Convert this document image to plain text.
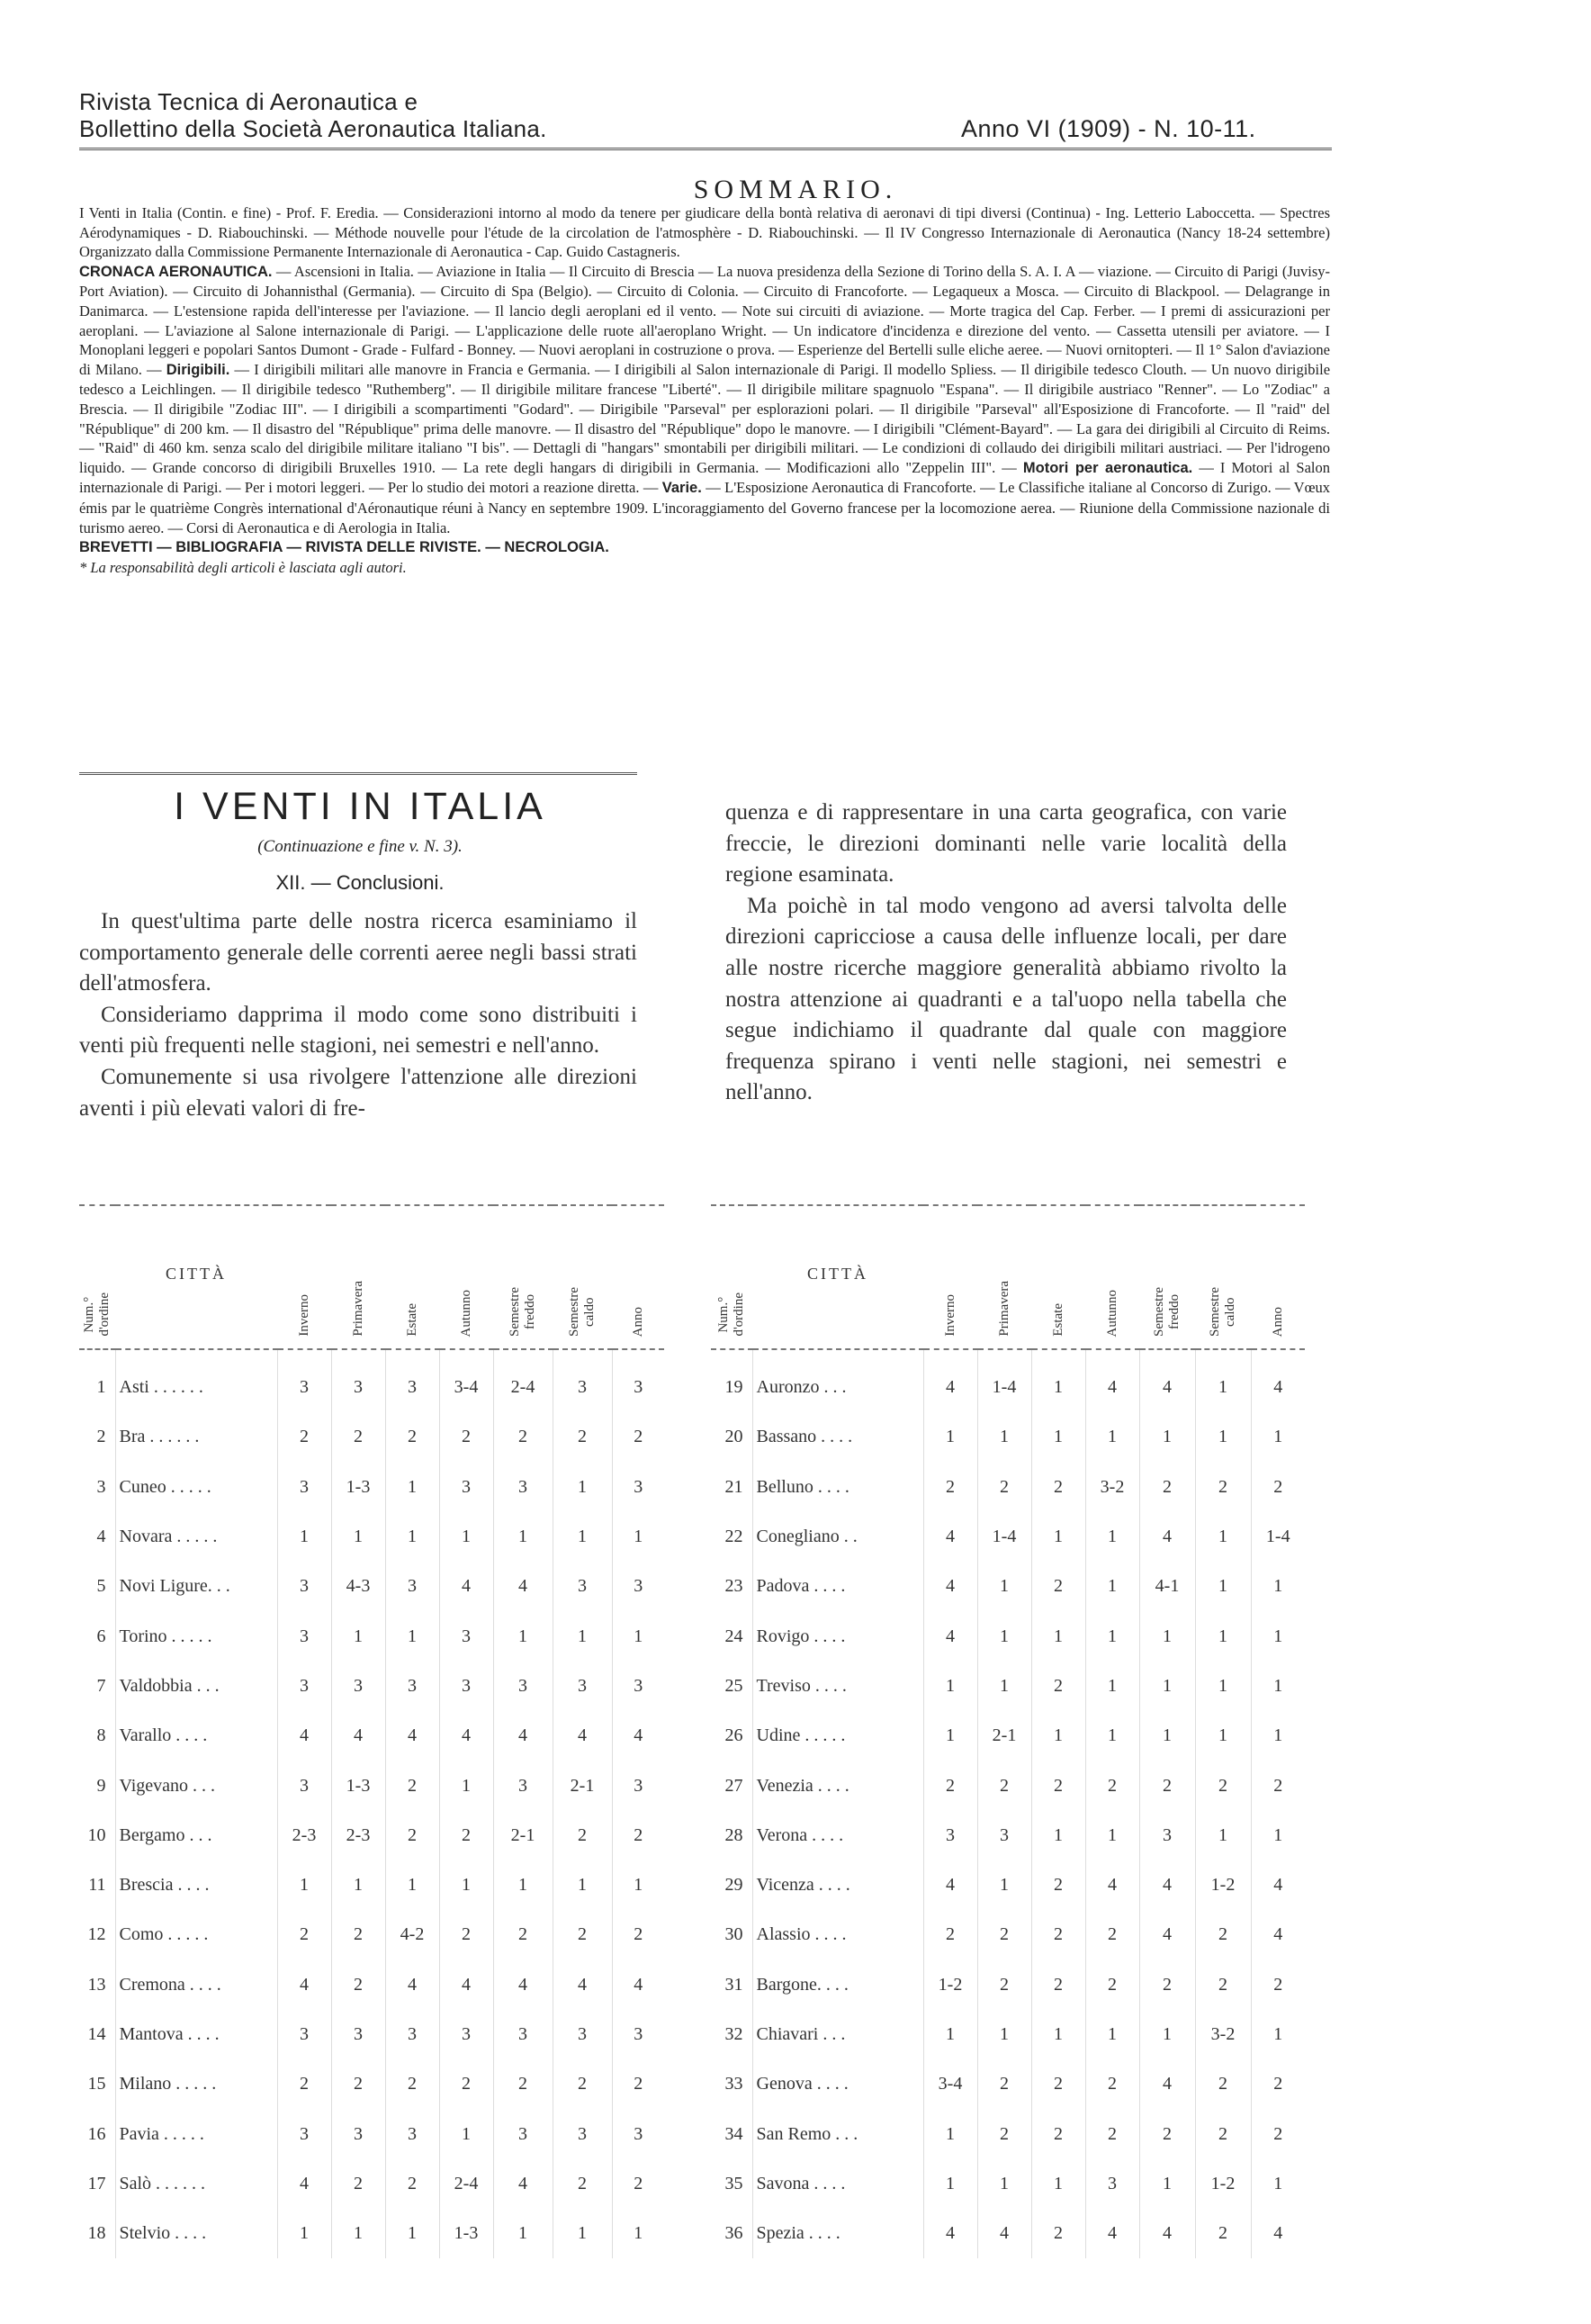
Rivista Tecnica di Aeronautica e
Bollettino della Società Aeronautica Italiana.	Anno VI (1909) - N. 10-11.
SOMMARIO.
I Venti in Italia (Contin. e fine) - Prof. F. Eredia. — Considerazioni intorno al modo da tenere per giudicare della bontà relativa di aeronavi di tipi diversi (Continua) - Ing. Letterio Laboccetta. — Spectres Aérodynamiques - D. Riabouchinski. — Méthode nouvelle pour l'étude de la circolation de l'atmosphère - D. Riabouchinski. — Il IV Congresso Internazionale di Aeronautica (Nancy 18-24 settembre) Organizzato dalla Commissione Permanente Internazionale di Aeronautica - Cap. Guido Castagneris.
CRONACA AERONAUTICA. — Ascensioni in Italia. — Aviazione in Italia — Il Circuito di Brescia — La nuova presidenza della Sezione di Torino della S. A. I. A — viazione. — Circuito di Parigi (Juvisy-Port Aviation). — Circuito di Johannisthal (Germania). — Circuito di Spa (Belgio). — Circuito di Colonia. — Circuito di Francoforte. — Legaqueux a Mosca. — Circuito di Blackpool. — Delagrange in Danimarca. — L'estensione rapida dell'interesse per l'aviazione. — Il lancio degli aeroplani ed il vento. — Note sui circuiti di aviazione. — Morte tragica del Cap. Ferber. — I premi di assicurazioni per aeroplani. — L'aviazione al Salone internazionale di Parigi. — L'applicazione delle ruote all'aeroplano Wright. — Un indicatore d'incidenza e direzione del vento. — Cassetta utensili per aviatore. — I Monoplani leggeri e popolari Santos Dumont - Grade - Fulfard - Bonney. — Nuovi aeroplani in costruzione o prova. — Esperienze del Bertelli sulle eliche aeree. — Nuovi ornitopteri. — Il 1° Salon d'aviazione di Milano. — Dirigibili. — I dirigibili militari alle manovre in Francia e Germania. — I dirigibili al Salon internazionale di Parigi. Il modello Spliess. — Il dirigibile tedesco Clouth. — Un nuovo dirigibile tedesco a Leichlingen. — Il dirigibile tedesco "Ruthemberg". — Il dirigibile militare francese "Liberté". — Il dirigibile militare spagnuolo "Espana". — Il dirigibile austriaco "Renner". — Lo "Zodiac" a Brescia. — Il dirigibile "Zodiac III". — I dirigibili a scompartimenti "Godard". — Dirigibile "Parseval" per esplorazioni polari. — Il dirigibile "Parseval" all'Esposizione di Francoforte. — Il "raid" del "République" di 200 km. — Il disastro del "République" prima delle manovre. — Il disastro del "République" dopo le manovre. — I dirigibili "Clément-Bayard". — La gara dei dirigibili al Circuito di Reims. — "Raid" di 460 km. senza scalo del dirigibile militare italiano "I bis". — Dettagli di "hangars" smontabili per dirigibili militari. — Le condizioni di collaudo dei dirigibili militari austriaci. — Per l'idrogeno liquido. — Grande concorso di dirigibili Bruxelles 1910. — La rete degli hangars di dirigibili in Germania. — Modificazioni allo "Zeppelin III". — Motori per aeronautica. — I Motori al Salon internazionale di Parigi. — Per i motori leggeri. — Per lo studio dei motori a reazione diretta. — Varie. — L'Esposizione Aeronautica di Francoforte. — Le Classifiche italiane al Concorso di Zurigo. — Vœux émis par le quatrième Congrès international d'Aéronautique réuni à Nancy en septembre 1909. L'incoraggiamento del Governo francese per la locomozione aerea. — Riunione della Commissione nazionale di turismo aereo. — Corsi di Aeronautica e di Aerologia in Italia.
BREVETTI — BIBLIOGRAFIA — RIVISTA DELLE RIVISTE. — NECROLOGIA.
* La responsabilità degli articoli è lasciata agli autori.
I VENTI IN ITALIA
(Continuazione e fine v. N. 3).
XII. — Conclusioni.

In quest'ultima parte delle nostra ricerca esaminiamo il comportamento generale delle correnti aeree negli bassi strati dell'atmosfera.

Consideriamo dapprima il modo come sono distribuiti i venti più frequenti nelle stagioni, nei semestri e nell'anno.

Comunemente si usa rivolgere l'attenzione alle direzioni aventi i più elevati valori di fre-

quenza e di rappresentare in una carta geografica, con varie freccie, le direzioni dominanti nelle varie località della regione esaminata.

Ma poichè in tal modo vengono ad aversi talvolta delle direzioni capricciose a causa delle influenze locali, per dare alle nostre ricerche maggiore generalità abbiamo rivolto la nostra attenzione ai quadranti e a tal'uopo nella tabella che segue indichiamo il quadrante dal quale con maggiore frequenza spirano i venti nelle stagioni, nei semestri e nell'anno.

Num.°
d'ordine	CITTÀ	Inverno	Primavera	Estate	Autunno	Semestre
freddo	Semestre
caldo	Anno
1	Asti . . . . . .	3	3	3	3-4	2-4	3	3
2	Bra . . . . . .	2	2	2	2	2	2	2
3	Cuneo . . . . .	3	1-3	1	3	3	1	3
4	Novara . . . . .	1	1	1	1	1	1	1
5	Novi Ligure. . .	3	4-3	3	4	4	3	3
6	Torino . . . . .	3	1	1	3	1	1	1
7	Valdobbia . . .	3	3	3	3	3	3	3
8	Varallo . . . .	4	4	4	4	4	4	4
9	Vigevano . . .	3	1-3	2	1	3	2-1	3
10	Bergamo . . .	2-3	2-3	2	2	2-1	2	2
11	Brescia . . . .	1	1	1	1	1	1	1
12	Como . . . . .	2	2	4-2	2	2	2	2
13	Cremona . . . .	4	2	4	4	4	4	4
14	Mantova . . . .	3	3	3	3	3	3	3
15	Milano . . . . .	2	2	2	2	2	2	2
16	Pavia . . . . .	3	3	3	1	3	3	3
17	Salò . . . . . .	4	2	2	2-4	4	2	2
18	Stelvio . . . .	1	1	1	1-3	1	1	1
Num.°
d'ordine	CITTÀ	Inverno	Primavera	Estate	Autunno	Semestre
freddo	Semestre
caldo	Anno
19	Auronzo . . .	4	1-4	1	4	4	1	4
20	Bassano . . . .	1	1	1	1	1	1	1
21	Belluno . . . .	2	2	2	3-2	2	2	2
22	Conegliano . .	4	1-4	1	1	4	1	1-4
23	Padova . . . .	4	1	2	1	4-1	1	1
24	Rovigo . . . .	4	1	1	1	1	1	1
25	Treviso . . . .	1	1	2	1	1	1	1
26	Udine . . . . .	1	2-1	1	1	1	1	1
27	Venezia . . . .	2	2	2	2	2	2	2
28	Verona . . . .	3	3	1	1	3	1	1
29	Vicenza . . . .	4	1	2	4	4	1-2	4
30	Alassio . . . .	2	2	2	2	4	2	4
31	Bargone. . . .	1-2	2	2	2	2	2	2
32	Chiavari . . .	1	1	1	1	1	3-2	1
33	Genova . . . .	3-4	2	2	2	4	2	2
34	San Remo . . .	1	2	2	2	2	2	2
35	Savona . . . .	1	1	1	3	1	1-2	1
36	Spezia . . . .	4	4	2	4	4	2	4
